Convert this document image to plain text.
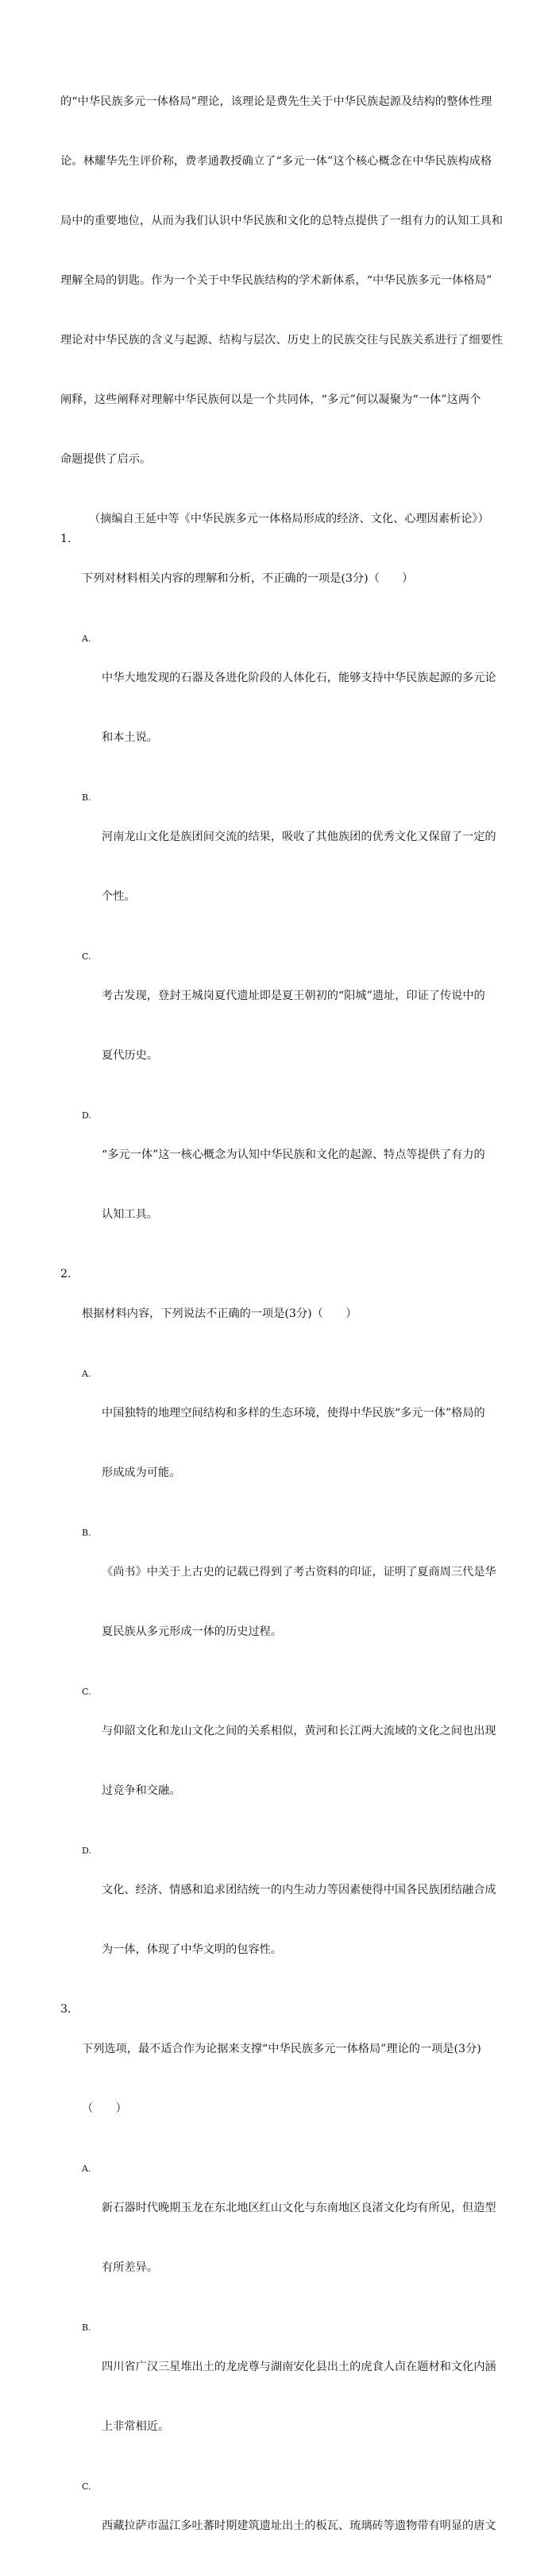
的“中华民族多元一体格局”理论，该理论是费先生关于中华民族起源及结构的整体性理

论。林耀华先生评价称，费孝通教授确立了“多元一体”这个核心概念在中华民族构成格

局中的重要地位，从而为我们认识中华民族和文化的总特点提供了一组有力的认知工具和

理解全局的钥匙。作为一个关于中华民族结构的学术新体系，“中华民族多元一体格局”

理论对中华民族的含义与起源、结构与层次、历史上的民族交往与民族关系进行了细要性

阐释，这些阐释对理解中华民族何以是一个共同体，“多元”何以凝聚为“一体”这两个

命题提供了启示。

（摘编自王延中等《中华民族多元一体格局形成的经济、文化、心理因素析论》）
1.

下列对材料相关内容的理解和分析，不正确的一项是(3分)（　　）

A.

中华大地发现的石器及各进化阶段的人体化石，能够支持中华民族起源的多元论

和本土说。

B.

河南龙山文化是族团间交流的结果，吸收了其他族团的优秀文化又保留了一定的

个性。

C.

考古发现，登封王城岗夏代遗址即是夏王朝初的“阳城”遗址，印证了传说中的

夏代历史。

D.

“多元一体”这一核心概念为认知中华民族和文化的起源、特点等提供了有力的

认知工具。

2.

根据材料内容，下列说法不正确的一项是(3分)（　　）

A.

中国独特的地理空间结构和多样的生态环境，使得中华民族“多元一体”格局的

形成成为可能。

B.

《尚书》中关于上古史的记载已得到了考古资料的印证，证明了夏商周三代是华

夏民族从多元形成一体的历史过程。

C.

与仰韶文化和龙山文化之间的关系相似，黄河和长江两大流域的文化之间也出现

过竞争和交融。

D.

文化、经济、情感和追求团结统一的内生动力等因素使得中国各民族团结融合成

为一体，体现了中华文明的包容性。

3.

下列选项，最不适合作为论据来支撑“中华民族多元一体格局”理论的一项是(3分)

（　　）

A.

新石器时代晚期玉龙在东北地区红山文化与东南地区良渚文化均有所见，但造型

有所差异。

B.

四川省广汉三星堆出土的龙虎尊与湖南安化县出土的虎食人卣在题材和文化内涵

上非常相近。

C.

西藏拉萨市温江多吐蕃时期建筑遗址出土的板瓦、琉璃砖等遗物带有明显的唐文
